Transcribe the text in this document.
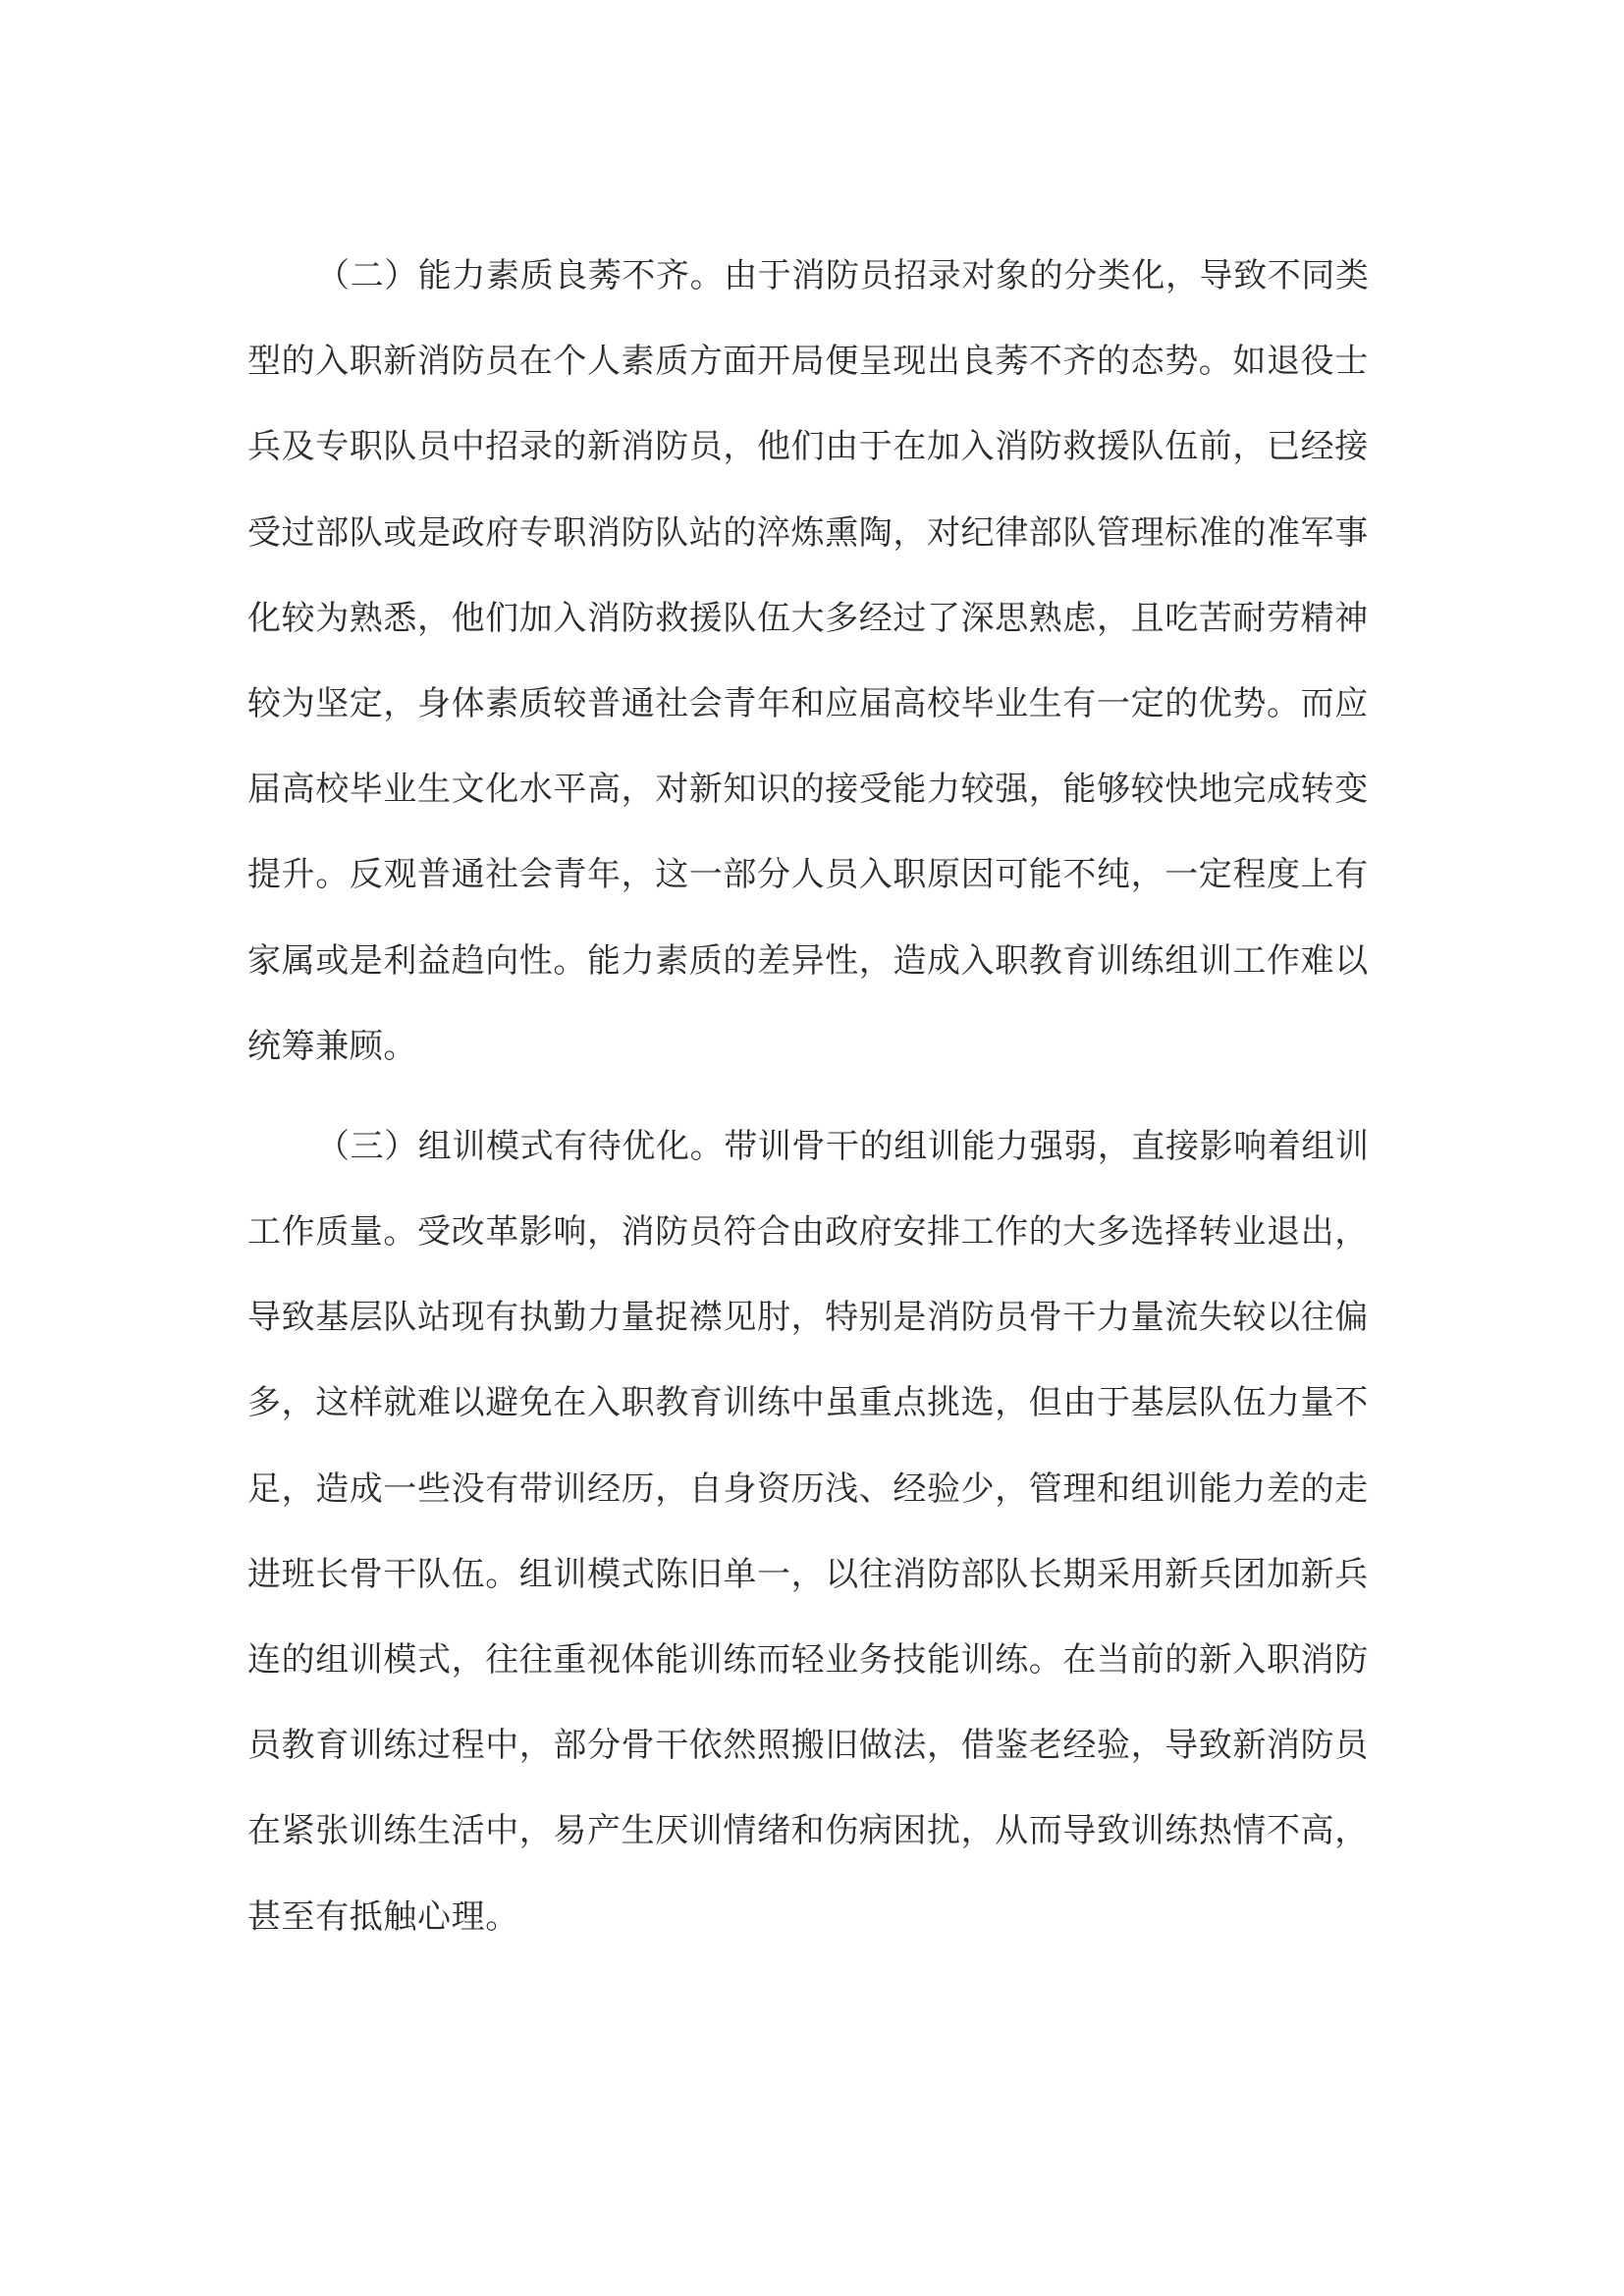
（二）能力素质良莠不齐。由于消防员招录对象的分类化，导致不同类
型的入职新消防员在个人素质方面开局便呈现出良莠不齐的态势。如退役士
兵及专职队员中招录的新消防员，他们由于在加入消防救援队伍前，已经接
受过部队或是政府专职消防队站的淬炼熏陶，对纪律部队管理标准的准军事
化较为熟悉，他们加入消防救援队伍大多经过了深思熟虑，且吃苦耐劳精神
较为坚定，身体素质较普通社会青年和应届高校毕业生有一定的优势。而应
届高校毕业生文化水平高，对新知识的接受能力较强，能够较快地完成转变
提升。反观普通社会青年，这一部分人员入职原因可能不纯，一定程度上有
家属或是利益趋向性。能力素质的差异性，造成入职教育训练组训工作难以
统筹兼顾。
（三）组训模式有待优化。带训骨干的组训能力强弱，直接影响着组训
工作质量。受改革影响，消防员符合由政府安排工作的大多选择转业退出，
导致基层队站现有执勤力量捉襟见肘，特别是消防员骨干力量流失较以往偏
多，这样就难以避免在入职教育训练中虽重点挑选，但由于基层队伍力量不
足，造成一些没有带训经历，自身资历浅、经验少，管理和组训能力差的走
进班长骨干队伍。组训模式陈旧单一，以往消防部队长期采用新兵团加新兵
连的组训模式，往往重视体能训练而轻业务技能训练。在当前的新入职消防
员教育训练过程中，部分骨干依然照搬旧做法，借鉴老经验，导致新消防员
在紧张训练生活中，易产生厌训情绪和伤病困扰，从而导致训练热情不高，
甚至有抵触心理。
